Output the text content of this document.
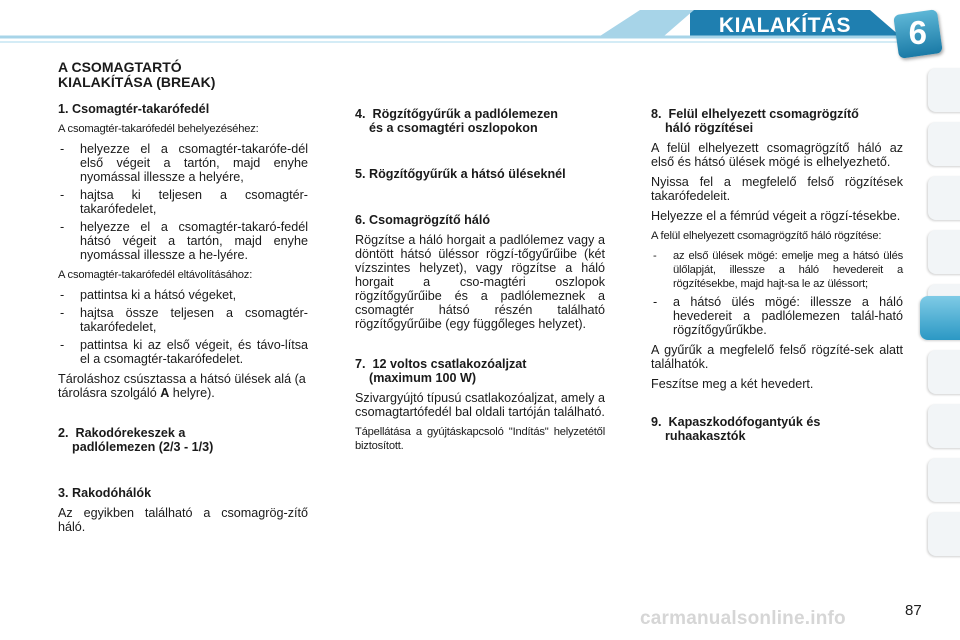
KIALAKÍTÁS	6
A CSOMAGTARTÓ
KIALAKÍTÁSA (BREAK)
1. Csomagtér-takarófedél

A csomagtér-takarófedél behelyezéséhez:

- helyezze el a csomagtér-takarófe-dél első végeit a tartón, majd enyhe nyomással illessze a helyére,
- hajtsa ki teljesen a csomagtér-takarófedelet,
- helyezze el a csomagtér-takaró-fedél hátsó végeit a tartón, majd enyhe nyomással illessze a he-lyére.

A csomagtér-takarófedél eltávolításához:

- pattintsa ki a hátsó végeket,
- hajtsa össze teljesen a csomagtér-takarófedelet,
- pattintsa ki az első végeit, és távo-lítsa el a csomagtér-takarófedelet.

Tároláshoz csúsztassa a hátsó ülések alá (a tárolásra szolgáló A helyre).

2. Rakodórekeszek a
padlólemezen (2/3 - 1/3)
3. Rakodóhálók

Az egyikben található a csomagrög-zítő háló.

4. Rögzítőgyűrűk a padlólemezen
és a csomagtéri oszlopokon
5. Rögzítőgyűrűk a hátsó üléseknél
6. Csomagrögzítő háló

Rögzítse a háló horgait a padlólemez vagy a döntött hátsó üléssor rögzí-tőgyűrűibe (két vízszintes helyzet), vagy rögzítse a háló horgait a cso-magtéri oszlopok rögzítőgyűrűibe és a padlólemeznek a csomagtér hátsó részén található rögzítőgyűrűibe (egy függőleges helyzet).

7. 12 voltos csatlakozóaljzat
(maximum 100 W)

Szivargyújtó típusú csatlakozóaljzat, amely a csomagtartófedél bal oldali tartóján található.

Tápellátása a gyújtáskapcsoló "Indítás" helyzetétől biztosított.

8. Felül elhelyezett csomagrögzítő
háló rögzítései

A felül elhelyezett csomagrögzítő háló az első és hátsó ülések mögé is elhelyezhető.

Nyissa fel a megfelelő felső rögzítések takarófedeleit.

Helyezze el a fémrúd végeit a rögzí-tésekbe.

A felül elhelyezett csomagrögzítő háló rögzítése:

- az első ülések mögé: emelje meg a hátsó ülés ülőlapját, illessze a háló hevedereit a rögzítésekbe, majd hajt-sa le az üléssort;
- a hátsó ülés mögé: illessze a háló hevedereit a padlólemezen talál-ható rögzítőgyűrűkbe.

A gyűrűk a megfelelő felső rögzíté-sek alatt találhatók.

Feszítse meg a két hevedert.

9. Kapaszkodófogantyúk és
ruhaakasztók
87
carmanualsonline.info
